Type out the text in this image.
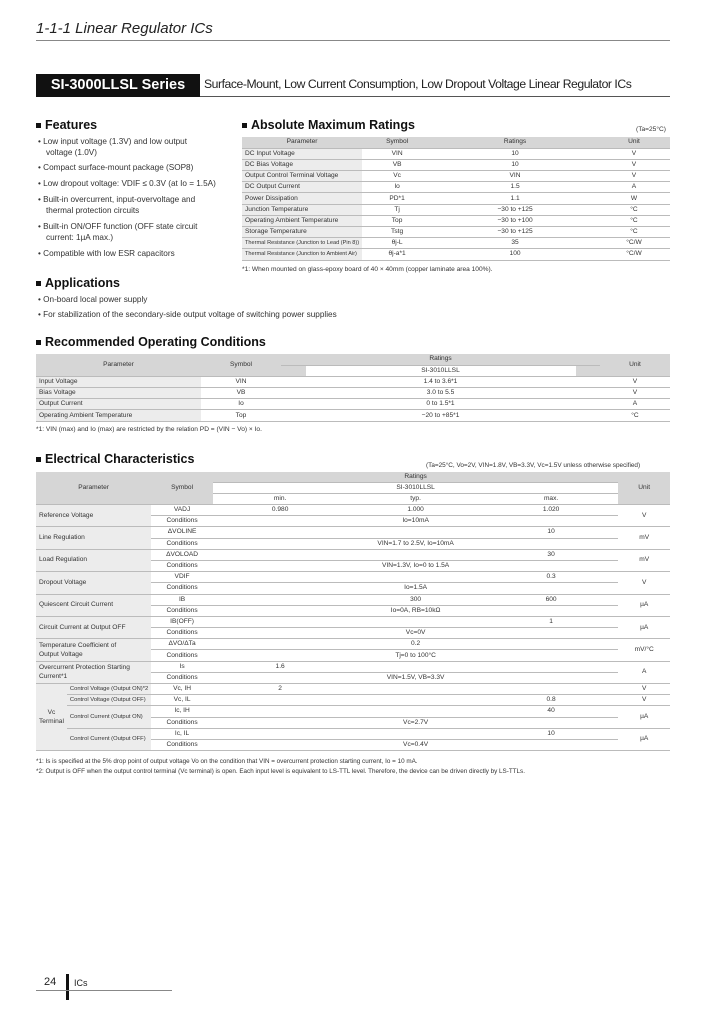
1-1-1 Linear Regulator ICs
SI-3000LLSL Series	Surface-Mount, Low Current Consumption, Low Dropout Voltage Linear Regulator ICs
Features
• Low input voltage (1.3V) and low output
voltage (1.0V)
• Compact surface-mount package (SOP8)
• Low dropout voltage: VDIF ≤ 0.3V (at Io = 1.5A)
• Built-in overcurrent, input-overvoltage and
thermal protection circuits
• Built-in ON/OFF function (OFF state circuit
current: 1µA max.)
• Compatible with low ESR capacitors
Absolute Maximum Ratings	(Ta=25°C)
Parameter	Symbol	Ratings	Unit
DC Input Voltage	VIN	10	V
DC Bias Voltage	VB	10	V
Output Control Terminal Voltage	Vc	VIN	V
DC Output Current	Io	1.5	A
Power Dissipation	PD*1	1.1	W
Junction Temperature	Tj	−30 to +125	°C
Operating Ambient Temperature	Top	−30 to +100	°C
Storage Temperature	Tstg	−30 to +125	°C
Thermal Resistance (Junction to Lead (Pin 8))	θj-L	35	°C/W
Thermal Resistance (Junction to Ambient Air)	θj-a*1	100	°C/W
*1: When mounted on glass-epoxy board of 40 × 40mm (copper laminate area 100%).
Applications
• On-board local power supply
• For stabilization of the secondary-side output voltage of switching power supplies
Recommended Operating Conditions
Parameter	Symbol	Ratings	Unit
		SI-3010LLSL	
Input Voltage	VIN	1.4 to 3.6*1	V
Bias Voltage	VB	3.0 to 5.5	V
Output Current	Io	0 to 1.5*1	A
Operating Ambient Temperature	Top	−20 to +85*1	°C
*1: VIN (max) and Io (max) are restricted by the relation PD = (VIN − Vo) × Io.
Electrical Characteristics	(Ta=25°C, Vo=2V, VIN=1.8V, VB=3.3V, Vc=1.5V unless otherwise specified)
Parameter		Symbol	Ratings			Unit
			SI-3010LLSL			
			min.	typ.	max.	
Reference Voltage		VADJ	0.980	1.000	1.020	V
		Conditions	Io=10mA			
Line Regulation		ΔVOLINE			10	mV
		Conditions	VIN=1.7 to 2.5V, Io=10mA			
Load Regulation		ΔVOLOAD			30	mV
		Conditions	VIN=1.3V, Io=0 to 1.5A			
Dropout Voltage		VDIF			0.3	V
		Conditions	Io=1.5A			
Quiescent Circuit Current		IB		300	600	µA
		Conditions	Io=0A, RB=10kΩ			
Circuit Current at Output OFF		IB(OFF)			1	µA
		Conditions	Vc=0V			
Temperature Coefficient of
Output Voltage		ΔVO/ΔTa		0.2		mV/°C
		Conditions	Tj=0 to 100°C			
Overcurrent Protection Starting
Current*1		Is	1.6			A
		Conditions	VIN=1.5V, VB=3.3V			
Vc
Terminal	Control Voltage (Output ON)*2	Vc, IH	2			V
	Control Voltage (Output OFF)	Vc, IL			0.8	V
	Control Current (Output ON)	Ic, IH			40	µA
		Conditions	Vc=2.7V			
	Control Current (Output OFF)	Ic, IL			10	µA
		Conditions	Vc=0.4V			
*1: Is is specified at the 5% drop point of output voltage Vo on the condition that VIN = overcurrent protection starting current, Io = 10 mA.
*2: Output is OFF when the output control terminal (Vc terminal) is open. Each input level is equivalent to LS-TTL level. Therefore, the device can be driven directly by LS-TTLs.
24 ICs
